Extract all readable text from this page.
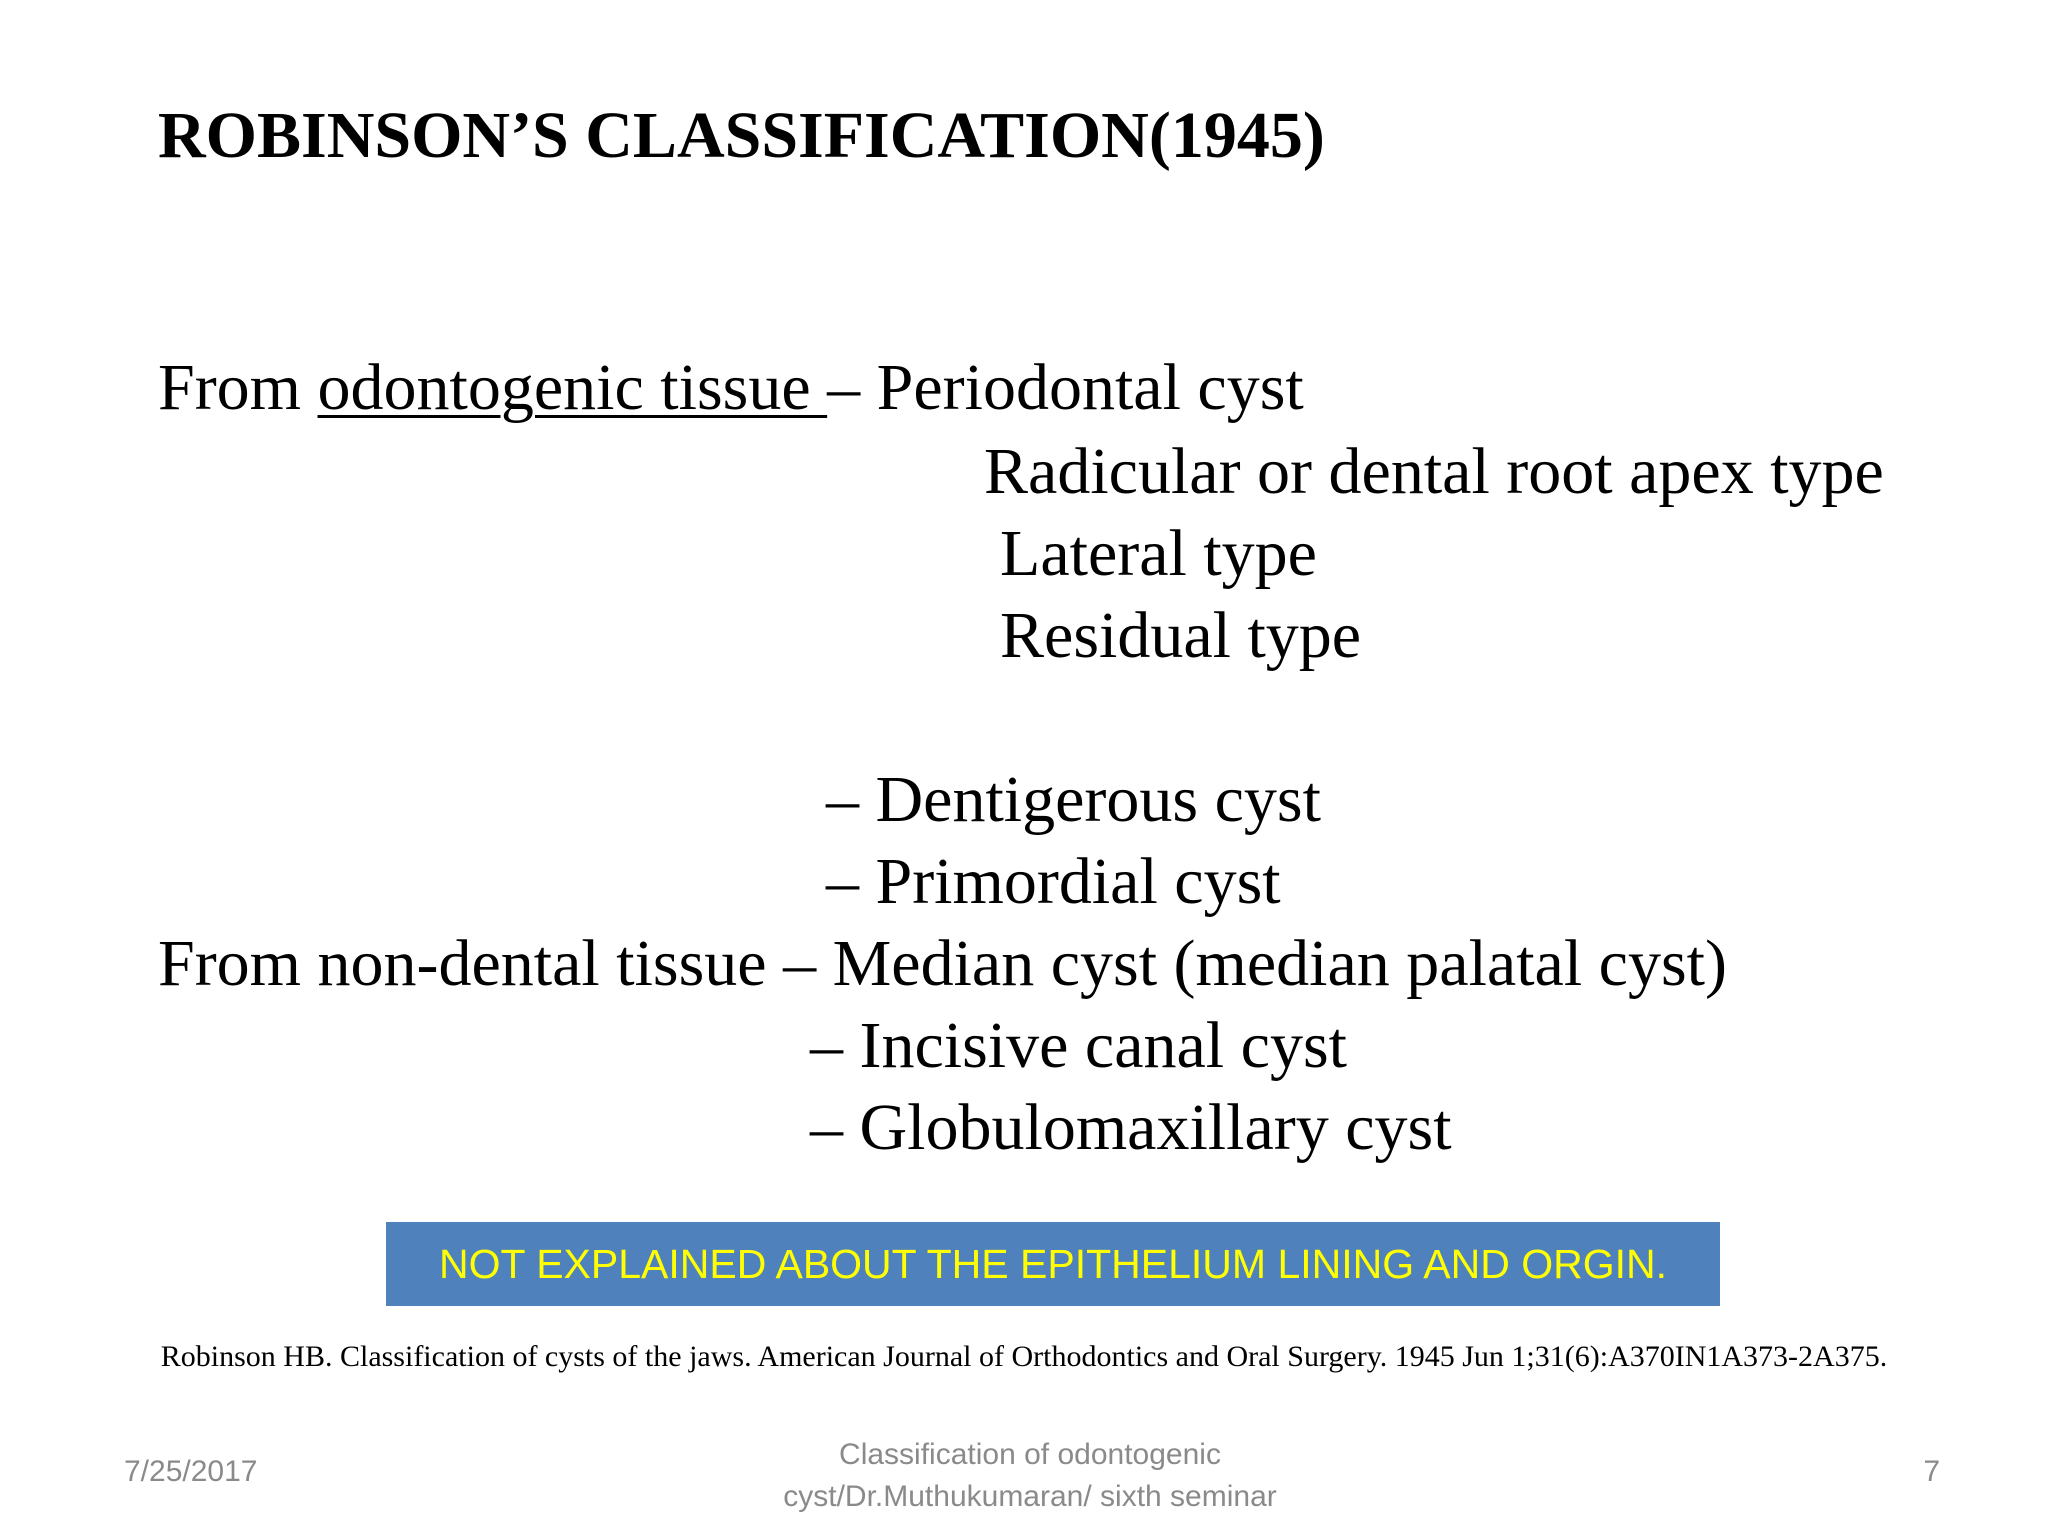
ROBINSON’S CLASSIFICATION(1945)
From odontogenic tissue – Periodontal cyst
Radicular or dental root apex type
Lateral type
Residual type
– Dentigerous cyst
– Primordial cyst
From non-dental tissue – Median cyst (median palatal cyst)
– Incisive canal cyst
– Globulomaxillary cyst
NOT EXPLAINED ABOUT THE EPITHELIUM LINING AND ORGIN.
Robinson HB. Classification of cysts of the jaws. American Journal of Orthodontics and Oral Surgery. 1945 Jun 1;31(6):A370IN1A373-2A375.
7/25/2017
Classification of odontogenic
cyst/Dr.Muthukumaran/ sixth seminar
7
